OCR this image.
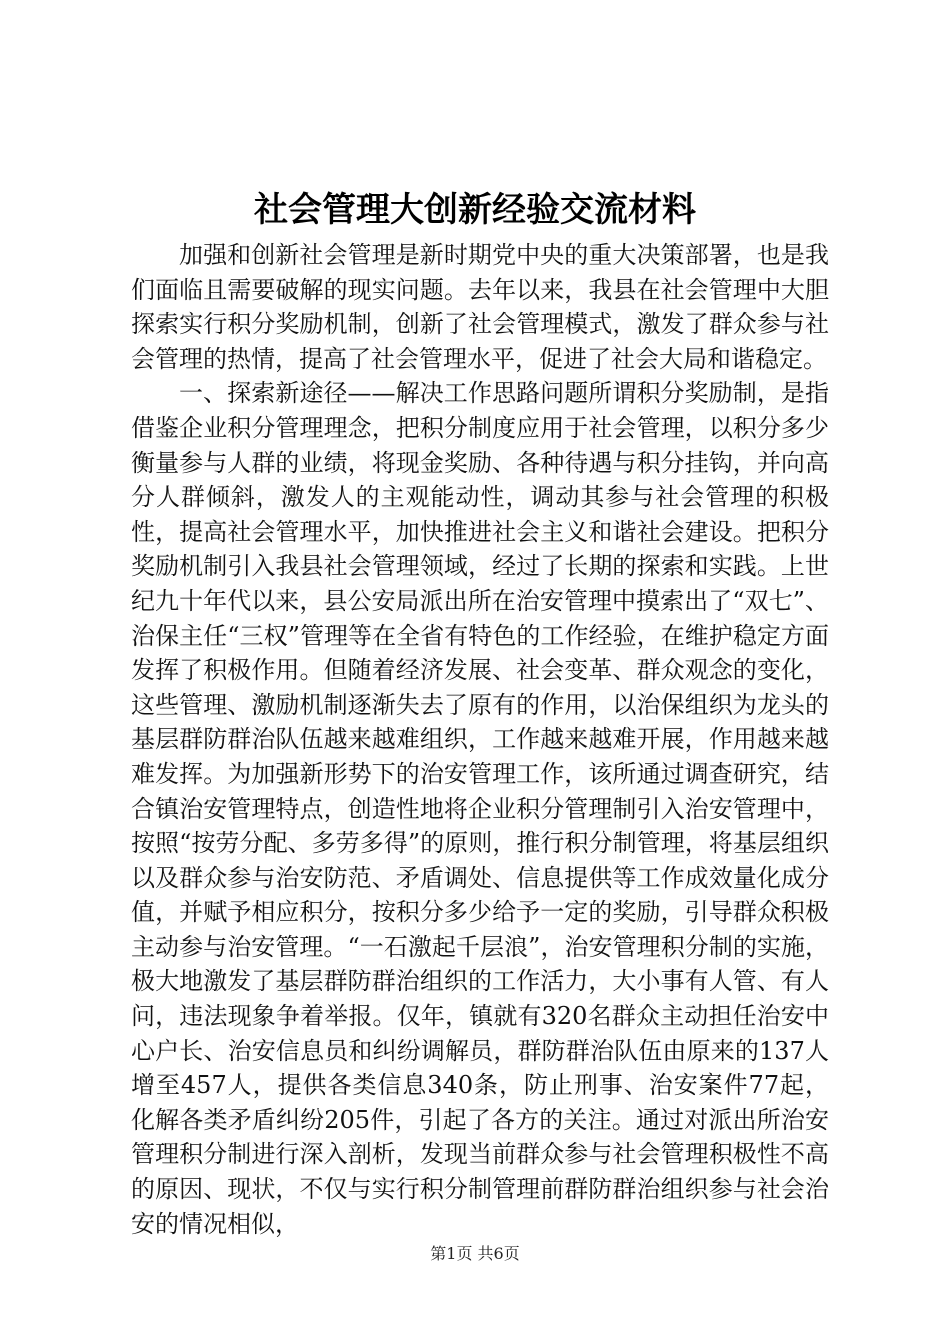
社会管理大创新经验交流材料

加强和创新社会管理是新时期党中央的重大决策部署，也是我们面临且需要破解的现实问题。去年以来，我县在社会管理中大胆探索实行积分奖励机制，创新了社会管理模式，激发了群众参与社会管理的热情，提高了社会管理水平，促进了社会大局和谐稳定。

一、探索新途径——解决工作思路问题所谓积分奖励制，是指借鉴企业积分管理理念，把积分制度应用于社会管理，以积分多少衡量参与人群的业绩，将现金奖励、各种待遇与积分挂钩，并向高分人群倾斜，激发人的主观能动性，调动其参与社会管理的积极性，提高社会管理水平，加快推进社会主义和谐社会建设。把积分奖励机制引入我县社会管理领域，经过了长期的探索和实践。上世纪九十年代以来，县公安局派出所在治安管理中摸索出了“双七”、治保主任“三权”管理等在全省有特色的工作经验，在维护稳定方面发挥了积极作用。但随着经济发展、社会变革、群众观念的变化，这些管理、激励机制逐渐失去了原有的作用，以治保组织为龙头的基层群防群治队伍越来越难组织，工作越来越难开展，作用越来越难发挥。为加强新形势下的治安管理工作，该所通过调查研究，结合镇治安管理特点，创造性地将企业积分管理制引入治安管理中，按照“按劳分配、多劳多得”的原则，推行积分制管理，将基层组织以及群众参与治安防范、矛盾调处、信息提供等工作成效量化成分值，并赋予相应积分，按积分多少给予一定的奖励，引导群众积极主动参与治安管理。“一石激起千层浪”，治安管理积分制的实施，极大地激发了基层群防群治组织的工作活力，大小事有人管、有人问，违法现象争着举报。仅年，镇就有320名群众主动担任治安中心户长、治安信息员和纠纷调解员，群防群治队伍由原来的137人增至457人，提供各类信息340条，防止刑事、治安案件77起，化解各类矛盾纠纷205件，引起了各方的关注。通过对派出所治安管理积分制进行深入剖析，发现当前群众参与社会管理积极性不高的原因、现状，不仅与实行积分制管理前群防群治组织参与社会治安的情况相似，

第1页 共6页
